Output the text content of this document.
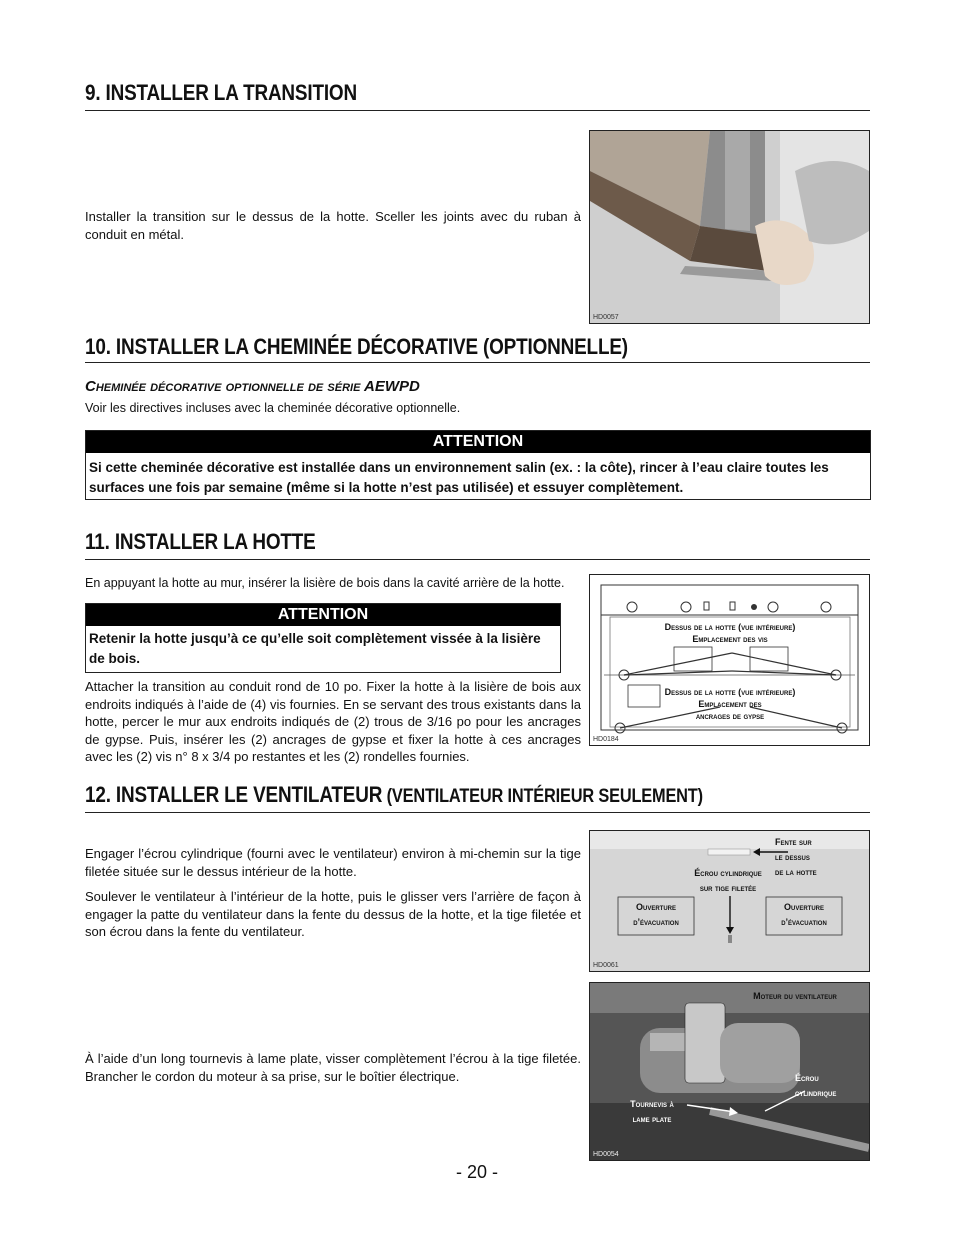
9. INSTALLER LA TRANSITION

Installer la transition sur le dessus de la hotte. Sceller les joints avec du ruban à conduit en métal.

HD0057
10. INSTALLER LA CHEMINÉE DÉCORATIVE (OPTIONNELLE)
Cheminée décorative optionnelle de série AEWPD

Voir les directives incluses avec la cheminée décorative optionnelle.

ATTENTION
Si cette cheminée décorative est installée dans un environnement salin (ex. : la côte), rincer à l’eau claire toutes les surfaces une fois par semaine (même si la hotte n’est pas utilisée) et essuyer complètement.
11. INSTALLER LA HOTTE

En appuyant la hotte au mur, insérer la lisière de bois dans la cavité arrière de la hotte.

ATTENTION
Retenir la hotte jusqu’à ce qu’elle soit complètement vissée à la lisière de bois.

Attacher la transition au conduit rond de 10 po. Fixer la hotte à la lisière de bois aux endroits indiqués à l’aide de (4) vis fournies. En se servant des trous existants dans la hotte, percer le mur aux endroits indiqués de (2) trous de 3/16 po pour les ancrages de gypse. Puis, insérer les (2) ancrages de gypse et fixer la hotte à ces ancrages avec les (2) vis n° 8 x 3/4 po restantes et les (2) rondelles fournies.

Dessus de la hotte (vue intérieure)
Emplacement des vis
Dessus de la hotte (vue intérieure)
Emplacement des
ancrages de gypse
HD0184
12. INSTALLER LE VENTILATEUR (VENTILATEUR INTÉRIEUR SEULEMENT)

Engager l’écrou cylindrique (fourni avec le ventilateur) environ à mi-chemin sur la tige filetée située sur le dessus intérieur de la hotte.

Soulever le ventilateur à l’intérieur de la hotte, puis le glisser vers l’arrière de façon à engager la patte du ventilateur dans la fente du dessus de la hotte, et la tige filetée et son écrou dans la fente du ventilateur.

À l’aide d’un long tournevis à lame plate, visser complètement l’écrou à la tige filetée. Brancher le cordon du moteur à sa prise, sur le boîtier électrique.

Fente sur
le dessus
de la hotte
Écrou cylindrique
sur tige filetée
Ouverture
d’évacuation
Ouverture
d’évacuation
HD0061
Moteur du ventilateur
Écrou
cylindrique
Tournevis à
lame plate
HD0054
- 20 -
